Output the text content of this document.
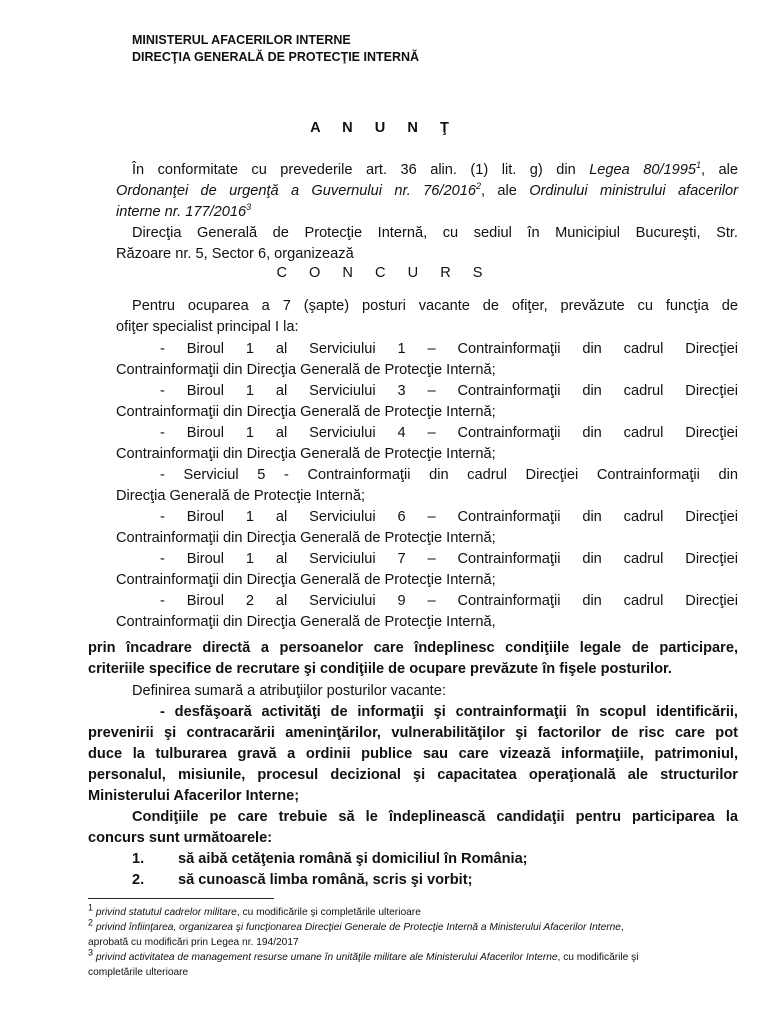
MINISTERUL AFACERILOR INTERNE
DIRECŢIA GENERALĂ DE PROTECŢIE INTERNĂ
A N U N Ţ
În conformitate cu prevederile art. 36 alin. (1) lit. g) din Legea 80/1995$^1$, ale
Ordonanţei de urgenţă a Guvernului nr. 76/2016$^2$, ale Ordinului ministrului afacerilor
interne nr. 177/2016$^3$
Direcţia Generală de Protecţie Internă, cu sediul în Municipiul Bucureşti, Str.
Răzoare nr. 5, Sector 6, organizează
C O N C U R S
Pentru ocuparea a 7 (şapte) posturi vacante de ofiţer, prevăzute cu funcţia de
ofiţer specialist principal I la:
- Biroul 1 al Serviciului 1 – Contrainformaţii din cadrul Direcţiei
Contrainformaţii din Direcţia Generală de Protecţie Internă;
- Biroul 1 al Serviciului 3 – Contrainformaţii din cadrul Direcţiei
Contrainformaţii din Direcţia Generală de Protecţie Internă;
- Biroul 1 al Serviciului 4 – Contrainformaţii din cadrul Direcţiei
Contrainformaţii din Direcţia Generală de Protecţie Internă;
- Serviciul 5 - Contrainformaţii din cadrul Direcţiei Contrainformaţii din
Direcţia Generală de Protecţie Internă;
- Biroul 1 al Serviciului 6 – Contrainformaţii din cadrul Direcţiei
Contrainformaţii din Direcţia Generală de Protecţie Internă;
- Biroul 1 al Serviciului 7 – Contrainformaţii din cadrul Direcţiei
Contrainformaţii din Direcţia Generală de Protecţie Internă;
- Biroul 2 al Serviciului 9 – Contrainformaţii din cadrul Direcţiei
Contrainformaţii din Direcţia Generală de Protecţie Internă,
prin încadrare directă a persoanelor care îndeplinesc condiţiile legale de participare,
criteriile specifice de recrutare şi condiţiile de ocupare prevăzute în fişele posturilor.
Definirea sumară a atribuţiilor posturilor vacante:
- desfăşoară activităţi de informaţii şi contrainformaţii în scopul identificării,
prevenirii şi contracarării ameninţărilor, vulnerabilităţilor şi factorilor de risc care pot
duce la tulburarea gravă a ordinii publice sau care vizează informaţiile, patrimoniul,
personalul, misiunile, procesul decizional şi capacitatea operaţională ale structurilor
Ministerului Afacerilor Interne;
Condiţiile pe care trebuie să le îndeplinească candidaţii pentru participarea la
concurs sunt următoarele:
1.	să aibă cetăţenia română şi domiciliul în România;
2.	să cunoască limba română, scris şi vorbit;
$^1$ privind statutul cadrelor militare, cu modificările şi completările ulterioare
$^2$ privind înfiinţarea, organizarea şi funcţionarea Direcţiei Generale de Protecţie Internă a Ministerului Afacerilor Interne,
aprobată cu modificări prin Legea nr. 194/2017
$^3$ privind activitatea de management resurse umane în unităţile militare ale Ministerului Afacerilor Interne, cu modificările şi
completările ulterioare
